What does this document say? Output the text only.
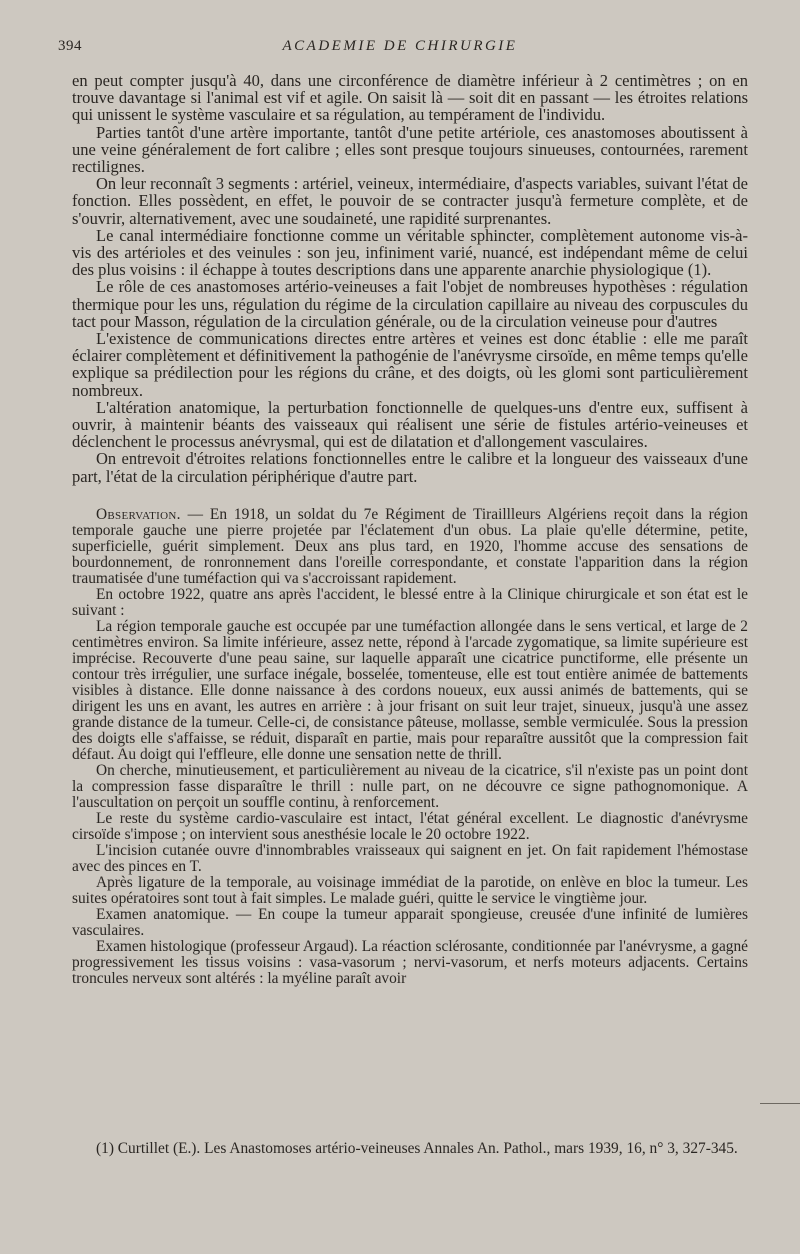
394	ACADEMIE DE CHIRURGIE

en peut compter jusqu'à 40, dans une circonférence de diamètre inférieur à 2 centimètres ; on en trouve davantage si l'animal est vif et agile. On saisit là — soit dit en passant — les étroites relations qui unissent le système vasculaire et sa régulation, au tempérament de l'individu.

Parties tantôt d'une artère importante, tantôt d'une petite artériole, ces anastomoses aboutissent à une veine généralement de fort calibre ; elles sont presque toujours sinueuses, contournées, rarement rectilignes.

On leur reconnaît 3 segments : artériel, veineux, intermédiaire, d'aspects variables, suivant l'état de fonction. Elles possèdent, en effet, le pouvoir de se contracter jusqu'à fermeture complète, et de s'ouvrir, alternativement, avec une soudaineté, une rapidité surprenantes.

Le canal intermédiaire fonctionne comme un véritable sphincter, complètement autonome vis-à-vis des artérioles et des veinules : son jeu, infiniment varié, nuancé, est indépendant même de celui des plus voisins : il échappe à toutes descriptions dans une apparente anarchie physiologique (1).

Le rôle de ces anastomoses artério-veineuses a fait l'objet de nombreuses hypothèses : régulation thermique pour les uns, régulation du régime de la circulation capillaire au niveau des corpuscules du tact pour Masson, régulation de la circulation générale, ou de la circulation veineuse pour d'autres

L'existence de communications directes entre artères et veines est donc établie : elle me paraît éclairer complètement et définitivement la pathogénie de l'anévrysme cirsoïde, en même temps qu'elle explique sa prédilection pour les régions du crâne, et des doigts, où les glomi sont particulièrement nombreux.

L'altération anatomique, la perturbation fonctionnelle de quelques-uns d'entre eux, suffisent à ouvrir, à maintenir béants des vaisseaux qui réalisent une série de fistules artério-veineuses et déclenchent le processus anévrysmal, qui est de dilatation et d'allongement vasculaires.

On entrevoit d'étroites relations fonctionnelles entre le calibre et la longueur des vaisseaux d'une part, l'état de la circulation périphérique d'autre part.

Observation. — En 1918, un soldat du 7e Régiment de Tiraillleurs Algériens reçoit dans la région temporale gauche une pierre projetée par l'éclatement d'un obus. La plaie qu'elle détermine, petite, superficielle, guérit simplement. Deux ans plus tard, en 1920, l'homme accuse des sensations de bourdonnement, de ronronnement dans l'oreille correspondante, et constate l'apparition dans la région traumatisée d'une tuméfaction qui va s'accroissant rapidement.

En octobre 1922, quatre ans après l'accident, le blessé entre à la Clinique chirurgicale et son état est le suivant :

La région temporale gauche est occupée par une tuméfaction allongée dans le sens vertical, et large de 2 centimètres environ. Sa limite inférieure, assez nette, répond à l'arcade zygomatique, sa limite supérieure est imprécise. Recouverte d'une peau saine, sur laquelle apparaît une cicatrice punctiforme, elle présente un contour très irrégulier, une surface inégale, bosselée, tomenteuse, elle est tout entière animée de battements visibles à distance. Elle donne naissance à des cordons noueux, eux aussi animés de battements, qui se dirigent les uns en avant, les autres en arrière : à jour frisant on suit leur trajet, sinueux, jusqu'à une assez grande distance de la tumeur. Celle-ci, de consistance pâteuse, mollasse, semble vermiculée. Sous la pression des doigts elle s'affaisse, se réduit, disparaît en partie, mais pour reparaître aussitôt que la compression fait défaut. Au doigt qui l'effleure, elle donne une sensation nette de thrill.

On cherche, minutieusement, et particulièrement au niveau de la cicatrice, s'il n'existe pas un point dont la compression fasse disparaître le thrill : nulle part, on ne découvre ce signe pathognomonique. A l'auscultation on perçoit un souffle continu, à renforcement.

Le reste du système cardio-vasculaire est intact, l'état général excellent. Le diagnostic d'anévrysme cirsoïde s'impose ; on intervient sous anesthésie locale le 20 octobre 1922.

L'incision cutanée ouvre d'innombrables vraisseaux qui saignent en jet. On fait rapidement l'hémostase avec des pinces en T.

Après ligature de la temporale, au voisinage immédiat de la parotide, on enlève en bloc la tumeur. Les suites opératoires sont tout à fait simples. Le malade guéri, quitte le service le vingtième jour.

Examen anatomique. — En coupe la tumeur apparait spongieuse, creusée d'une infinité de lumières vasculaires.

Examen histologique (professeur Argaud). La réaction sclérosante, conditionnée par l'anévrysme, a gagné progressivement les tissus voisins : vasa-vasorum ; nervi-vasorum, et nerfs moteurs adjacents. Certains troncules nerveux sont altérés : la myéline paraît avoir

(1) Curtillet (E.). Les Anastomoses artério-veineuses Annales An. Pathol., mars 1939, 16, n° 3, 327-345.
